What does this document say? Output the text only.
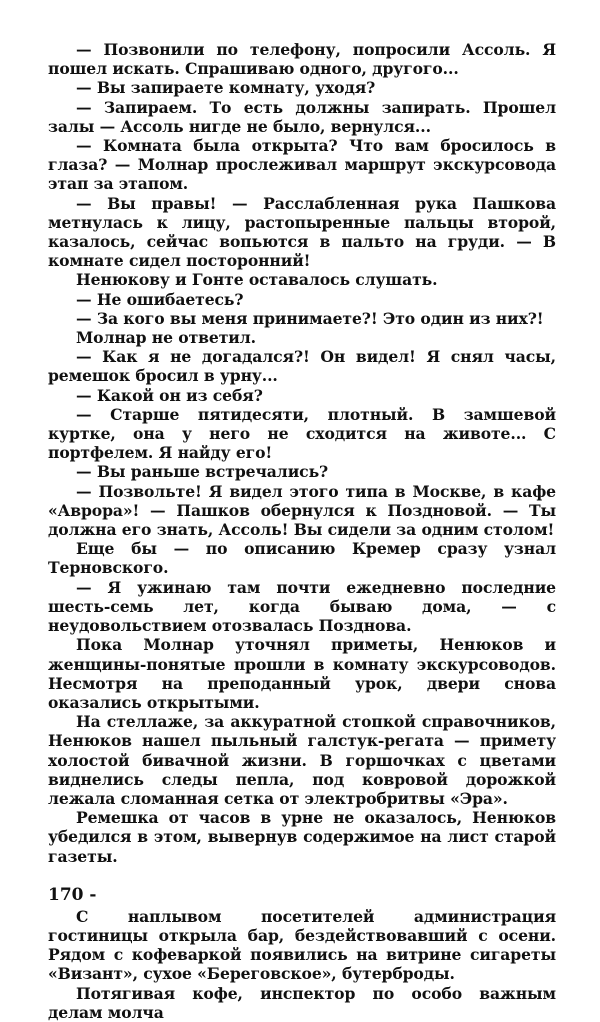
— Позвонили по телефону, попросили Ассоль. Я пошел искать. Спрашиваю одного, другого...

— Вы запираете комнату, уходя?

— Запираем. То есть должны запирать. Прошел залы — Ассоль нигде не было, вернулся...

— Комната была открыта? Что вам бросилось в глаза? — Молнар прослеживал маршрут экскурсовода этап за этапом.

— Вы правы! — Расслабленная рука Пашкова метнулась к лицу, растопыренные пальцы второй, казалось, сейчас вопьются в пальто на груди. — В комнате сидел посторонний!

Ненюкову и Гонте оставалось слушать.

— Не ошибаетесь?

— За кого вы меня принимаете?! Это один из них?!

Молнар не ответил.

— Как я не догадался?! Он видел! Я снял часы, ремешок бросил в урну...

— Какой он из себя?

— Старше пятидесяти, плотный. В замшевой куртке, она у него не сходится на животе... С портфелем. Я найду его!

— Вы раньше встречались?

— Позвольте! Я видел этого типа в Москве, в кафе «Аврора»! — Пашков обернулся к Поздновой. — Ты должна его знать, Ассоль! Вы сидели за одним столом!

Еще бы — по описанию Кремер сразу узнал Терновского.

— Я ужинаю там почти ежедневно последние шесть-семь лет, когда бываю дома, — с неудовольствием отозвалась Позднова.

Пока Молнар уточнял приметы, Ненюков и женщины-понятые прошли в комнату экскурсоводов. Несмотря на преподанный урок, двери снова оказались открытыми.

На стеллаже, за аккуратной стопкой справочников, Ненюков нашел пыльный галстук-регата — примету холостой бивачной жизни. В горшочках с цветами виднелись следы пепла, под ковровой дорожкой лежала сломанная сетка от электробритвы «Эра».

Ремешка от часов в урне не оказалось, Ненюков убедился в этом, вывернув содержимое на лист старой газеты.

С наплывом посетителей администрация гостиницы открыла бар, бездействовавший с осени. Рядом с кофеваркой появились на витрине сигареты «Визант», сухое «Береговское», бутерброды.

Потягивая кофе, инспектор по особо важным делам молча

170 -
